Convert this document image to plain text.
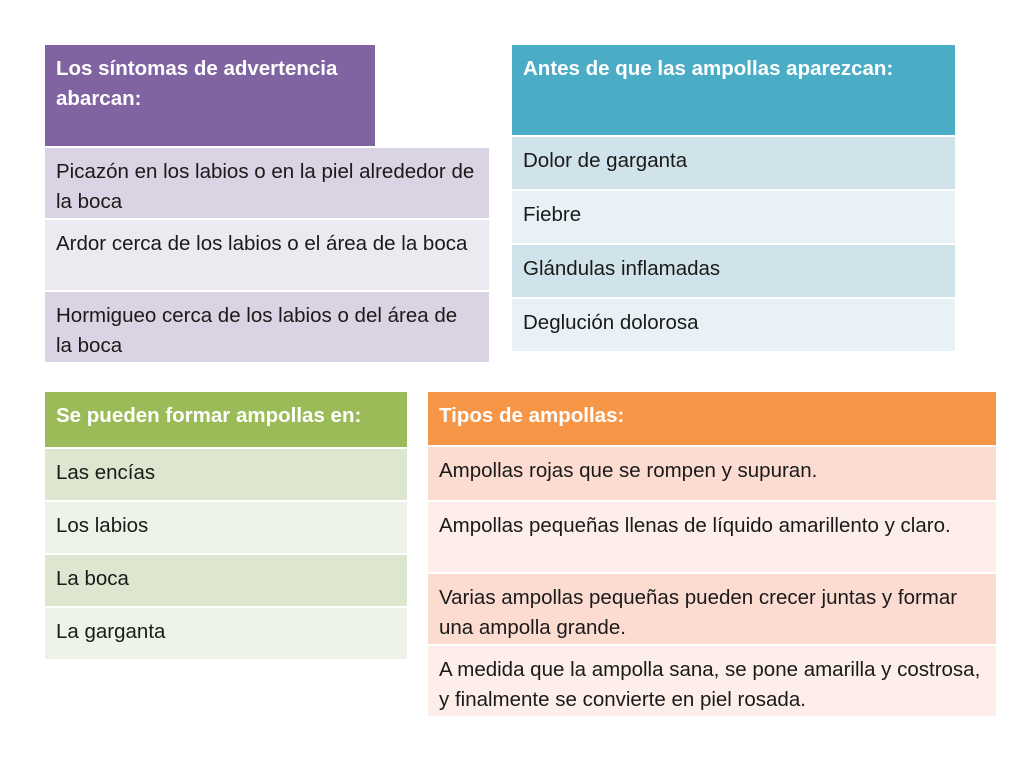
Los síntomas de advertencia abarcan:
Picazón en los labios o en la piel alrededor de la boca
Ardor cerca de los labios o el área de la boca
Hormigueo cerca de los labios o del área de la boca
Antes de que las ampollas aparezcan:
Dolor de garganta
Fiebre
Glándulas inflamadas
Deglución dolorosa
Se pueden formar ampollas en:
Las encías
Los labios
La boca
La garganta
Tipos de ampollas:
Ampollas rojas que se rompen y supuran.
Ampollas pequeñas llenas de líquido amarillento y claro.
Varias ampollas pequeñas pueden crecer juntas y formar una ampolla grande.
A medida que la ampolla sana, se pone amarilla y costrosa, y finalmente se convierte en piel rosada.
